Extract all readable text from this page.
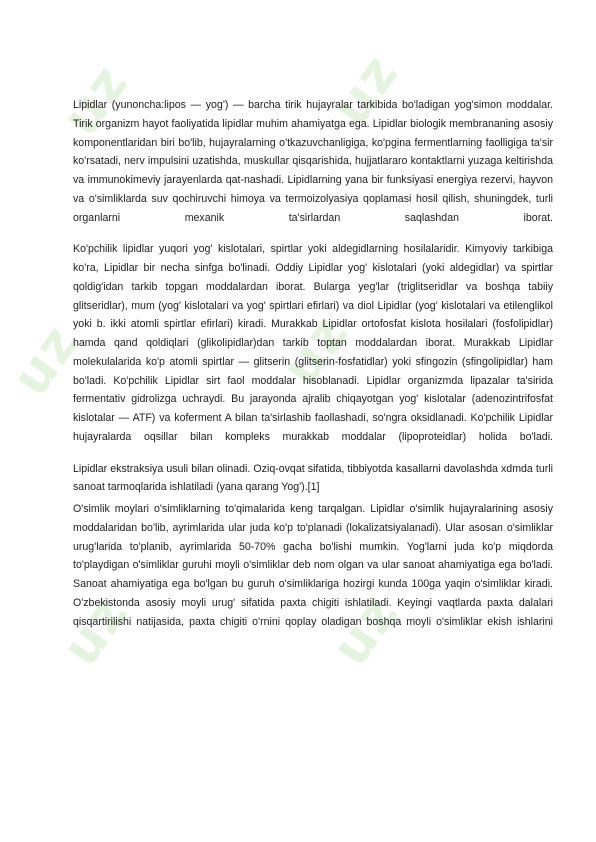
uz	uz
uz	uz
uz	uz

Lipidlar (yunoncha:lipos — yog') — barcha tirik hujayralar tarkibida bo'ladigan yog'simon moddalar. Tirik organizm hayot faoliyatida lipidlar muhim ahamiyatga ega. Lipidlar biologik membrananing asosiy komponentlaridan biri bo'lib, hujayralarning o'tkazuvchanligiga, ko'pgina fermentlarning faolligiga ta'sir ko'rsatadi, nerv impulsini uzatishda, muskullar qisqarishida, hujjatlararo kontaktlarni yuzaga keltirishda va immunokimeviy jarayenlarda qat-nashadi. Lipidlarning yana bir funksiyasi energiya rezervi, hayvon va o'simliklarda suv qochiruvchi himoya va termoizolyasiya qoplamasi hosil qilish, shuningdek, turli organlarni mexanik ta'sirlardan saqlashdan iborat.

Ko'pchilik lipidlar yuqori yog' kislotalari, spirtlar yoki aldegidlarning hosilalaridir. Kimyoviy tarkibiga ko'ra, Lipidlar bir necha sinfga bo'linadi. Oddiy Lipidlar yog' kislotalari (yoki aldegidlar) va spirtlar qoldig'idan tarkib topgan moddalardan iborat. Bularga yeg'lar (triglitseridlar va boshqa tabiiy glitseridlar), mum (yog' kislotalari va yog' spirtlari efirlari) va diol Lipidlar (yog' kislotalari va etilenglikol yoki b. ikki atomli spirtlar efirlari) kiradi. Murakkab Lipidlar ortofosfat kislota hosilalari (fosfolipidlar) hamda qand qoldiqlari (glikolipidlar)dan tarkib toptan moddalardan iborat. Murakkab Lipidlar molekulalarida ko'p atomli spirtlar — glitserin (glitserin-fosfatidlar) yoki sfingozin (sfingolipidlar) ham bo'ladi. Ko'pchilik Lipidlar sirt faol moddalar hisoblanadi. Lipidlar organizmda lipazalar ta'sirida fermentativ gidrolizga uchraydi. Bu jarayonda ajralib chiqayotgan yog' kislotalar (adenozintrifosfat kislotalar — ATF) va koferment A bilan ta'sirlashib faollashadi, so'ngra oksidlanadi. Ko'pchilik Lipidlar hujayralarda oqsillar bilan kompleks murakkab moddalar (lipoproteidlar) holida bo'ladi.

Lipidlar ekstraksiya usuli bilan olinadi. Oziq-ovqat sifatida, tibbiyotda kasallarni davolashda xdmda turli sanoat tarmoqlarida ishlatiladi (yana qarang Yog').[1]

O'simlik moylari o'simliklarning to'qimalarida keng tarqalgan. Lipidlar o'simlik hujayralarining asosiy moddalaridan bo'lib, ayrimlarida ular juda ko'p to'planadi (lokalizatsiyalanadi). Ular asosan o'simliklar urug'larida to'planib, ayrimlarida 50-70% gacha bo'lishi mumkin. Yog'larni juda ko'p miqdorda to'playdigan o'simliklar guruhi moyli o'simliklar deb nom olgan va ular sanoat ahamiyatiga ega bo'ladi. Sanoat ahamiyatiga ega bo'lgan bu guruh o'simliklariga hozirgi kunda 100ga yaqin o'simliklar kiradi. O'zbekistonda asosiy moyli urug' sifatida paxta chigiti ishlatiladi. Keyingi vaqtlarda paxta dalalari qisqartirilishi natijasida, paxta chigiti o'rnini qoplay oladigan boshqa moyli o'simliklar ekish ishlarini
